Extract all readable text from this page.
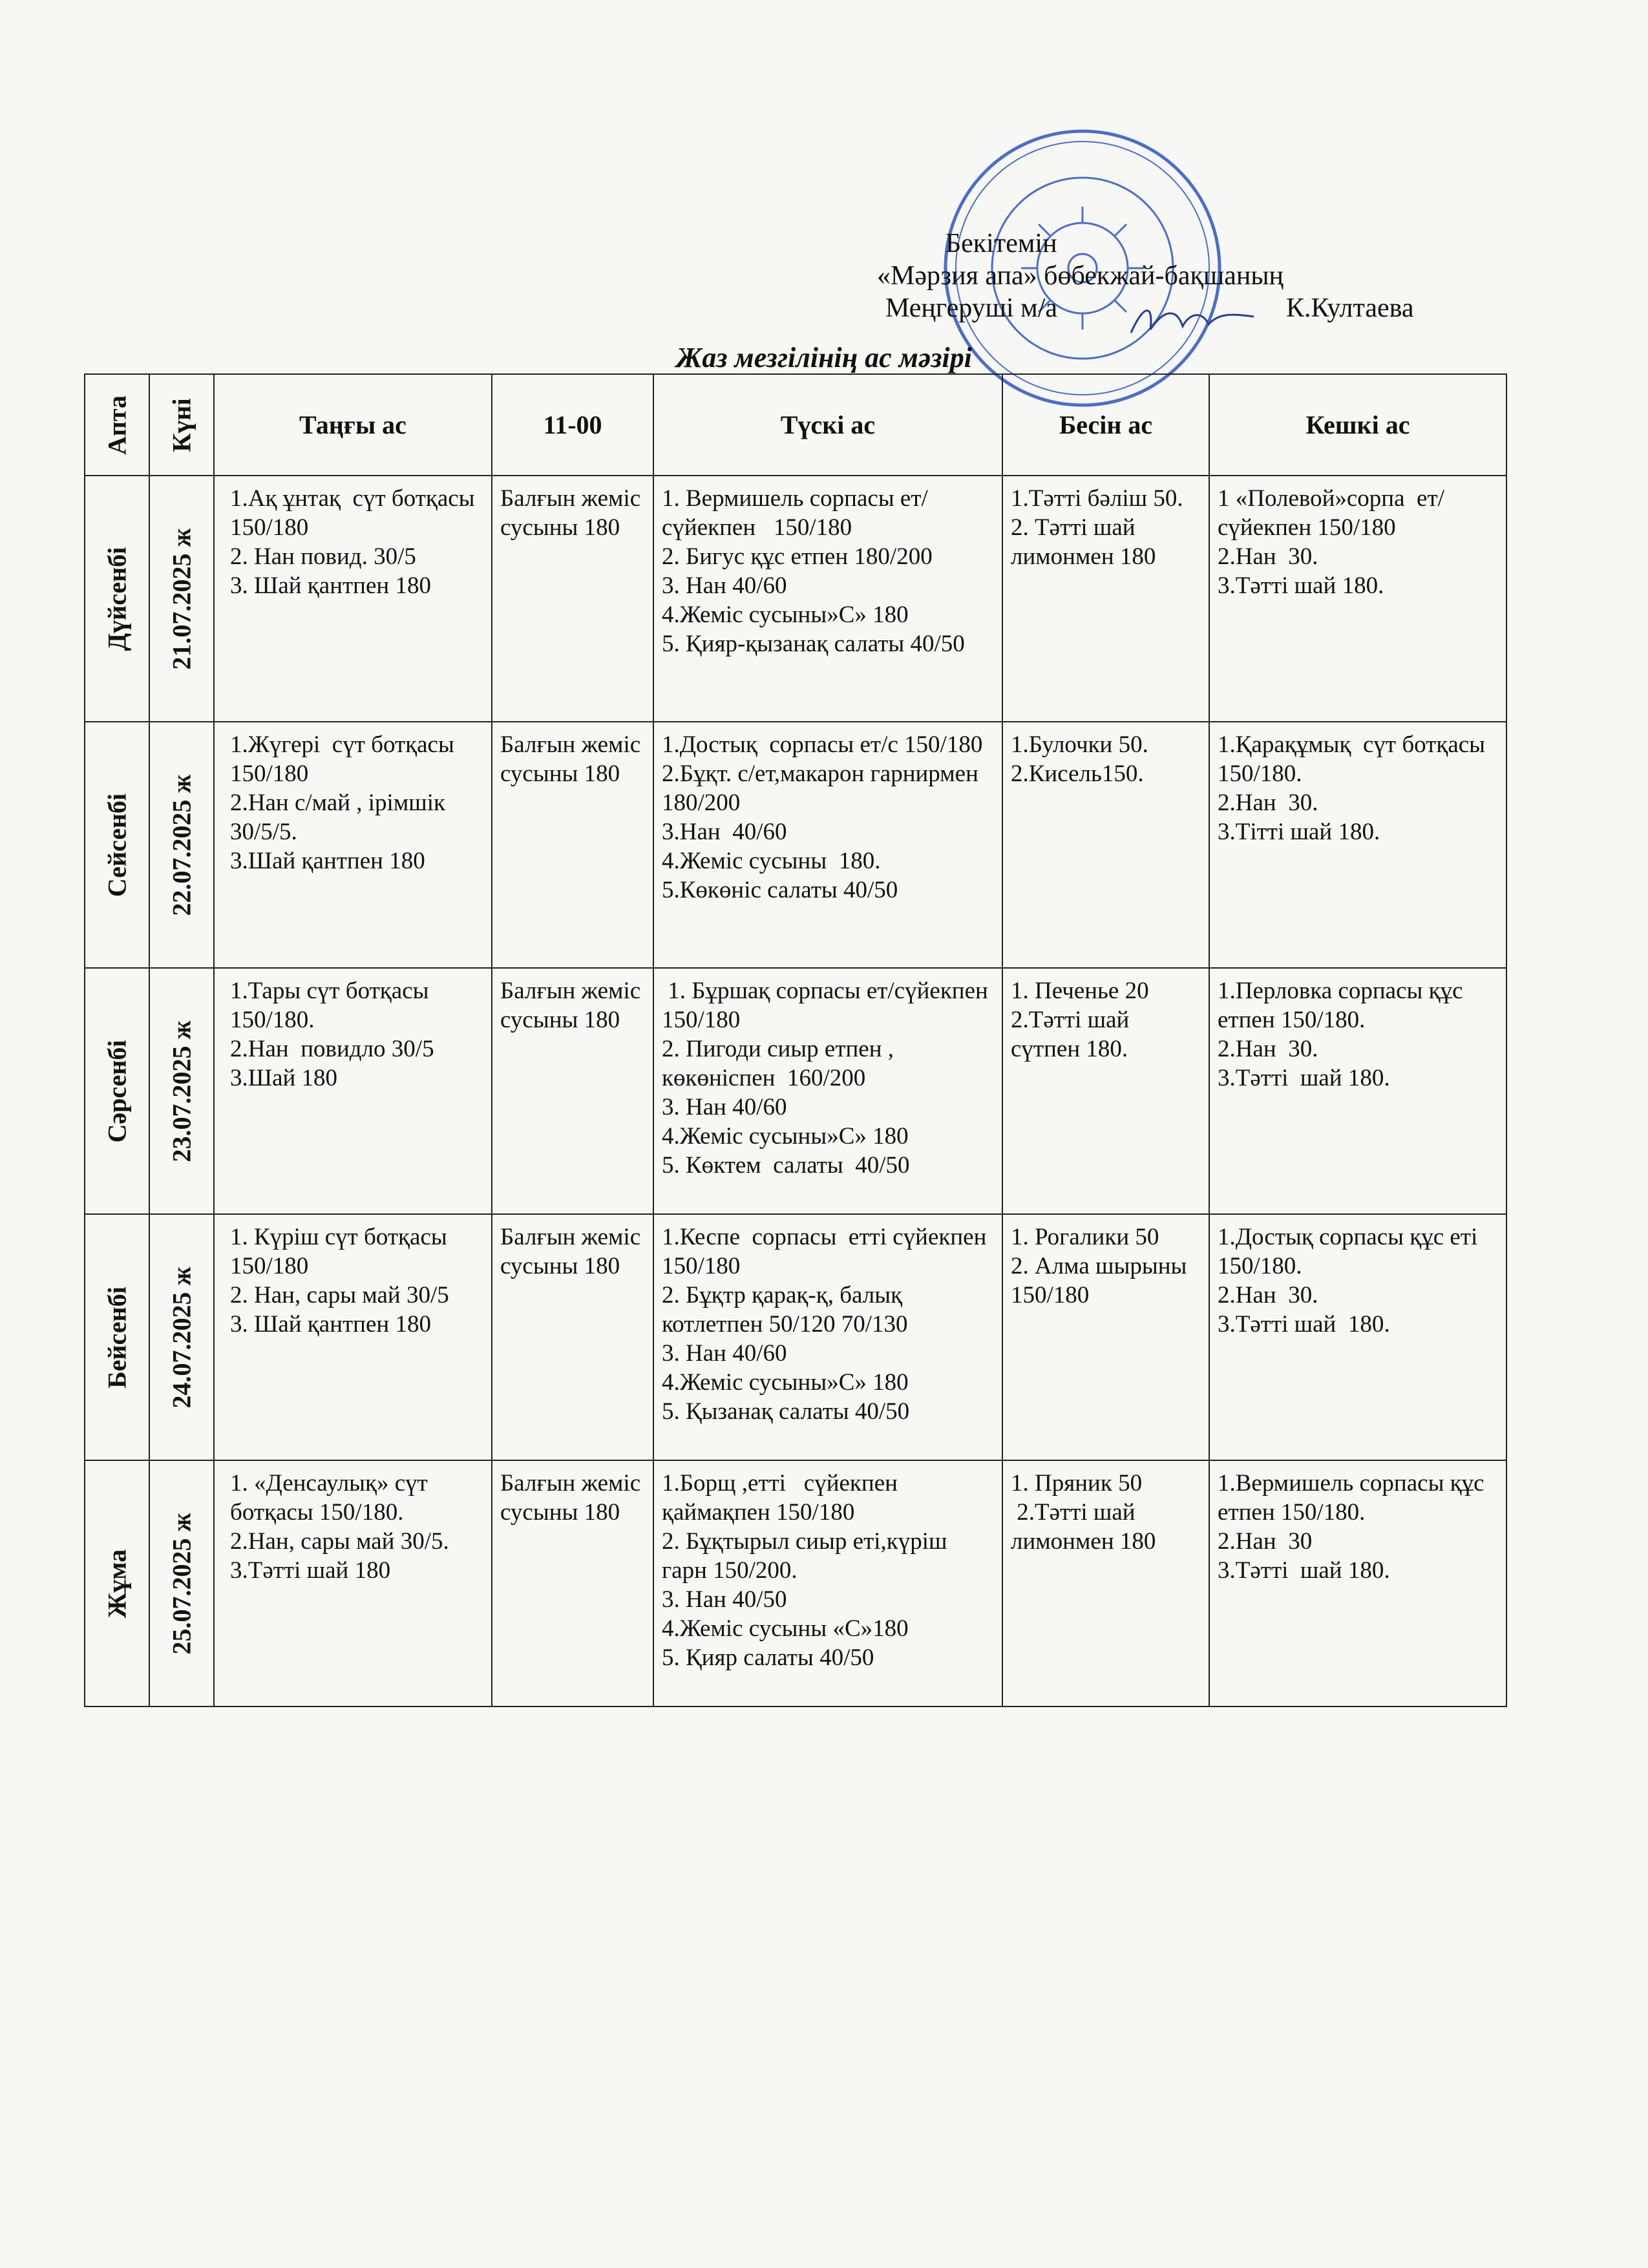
Бекітемін
«Мәрзия апа» бөбекжай-бақшаның
Меңгеруші м/а	К.Култаева
Жаз мезгілінің ас мәзірі
Апта	Күні	Таңғы ас	11-00	Түскі ас	Бесін ас	Кешкі ас

Дүйсенбі	21.07.2025 ж	1.Ақ ұнтақ  сүт ботқасы 150/180
2. Нан повид. 30/5
3. Шай қантпен 180	Балғын жеміс сусыны 180	1. Вермишель сорпасы ет/сүйекпен   150/180
2. Бигус құс етпен 180/200
3. Нан 40/60
4.Жеміс сусыны»С» 180
5. Қияр-қызанақ салаты 40/50	1.Тәтті бәліш 50.
2. Тәтті шай лимонмен 180	1 «Полевой»сорпа  ет/сүйекпен 150/180
2.Нан  30.
3.Тәтті шай 180.

Сейсенбі	22.07.2025 ж	1.Жүгері  сүт ботқасы  150/180
2.Нан с/май , ірімшік 30/5/5.
3.Шай қантпен 180	Балғын жеміс сусыны 180	1.Достық  сорпасы ет/с 150/180
2.Бұқт. с/ет,макарон гарнирмен 180/200
3.Нан  40/60
4.Жеміс сусыны  180.
5.Көкөніс салаты 40/50	1.Булочки 50.
2.Кисель150.	1.Қарақұмық  сүт ботқасы 150/180.
2.Нан  30.
3.Тітті шай 180.

Сәрсенбі	23.07.2025 ж	1.Тары сүт ботқасы 150/180.
2.Нан  повидло 30/5
3.Шай 180	Балғын жеміс сусыны 180	1. Бұршақ сорпасы ет/сүйекпен 150/180
2. Пигоди сиыр етпен , көкөніспен  160/200
3. Нан 40/60
4.Жеміс сусыны»С» 180
5. Көктем  салаты  40/50	1. Печенье 20
2.Тәтті шай сүтпен 180.	1.Перловка сорпасы құс етпен 150/180.
2.Нан  30.
3.Тәтті  шай 180.

Бейсенбі	24.07.2025 ж	1. Күріш сүт ботқасы 150/180
2. Нан, сары май 30/5
3. Шай қантпен 180	Балғын жеміс сусыны 180	1.Кеспе  сорпасы  етті сүйекпен   150/180
2. Бұқтр қарақ-қ, балық котлетпен 50/120 70/130
3. Нан 40/60
4.Жеміс сусыны»С» 180
5. Қызанақ салаты 40/50	1. Рогалики 50
2. Алма шырыны 150/180	1.Достық сорпасы құс еті  150/180.
2.Нан  30.
3.Тәтті шай  180.

Жұма	25.07.2025 ж	1. «Денсаулық» сүт ботқасы 150/180.
2.Нан, сары май 30/5.
3.Тәтті шай 180	Балғын жеміс сусыны 180	1.Борщ ,етті   сүйекпен қаймақпен 150/180
2. Бұқтырыл сиыр еті,күріш гарн 150/200.
3. Нан 40/50
4.Жеміс сусыны «С»180
5. Қияр салаты 40/50	1. Пряник 50
2.Тәтті шай лимонмен 180	1.Вермишель сорпасы құс етпен 150/180.
2.Нан  30
3.Тәтті  шай 180.
